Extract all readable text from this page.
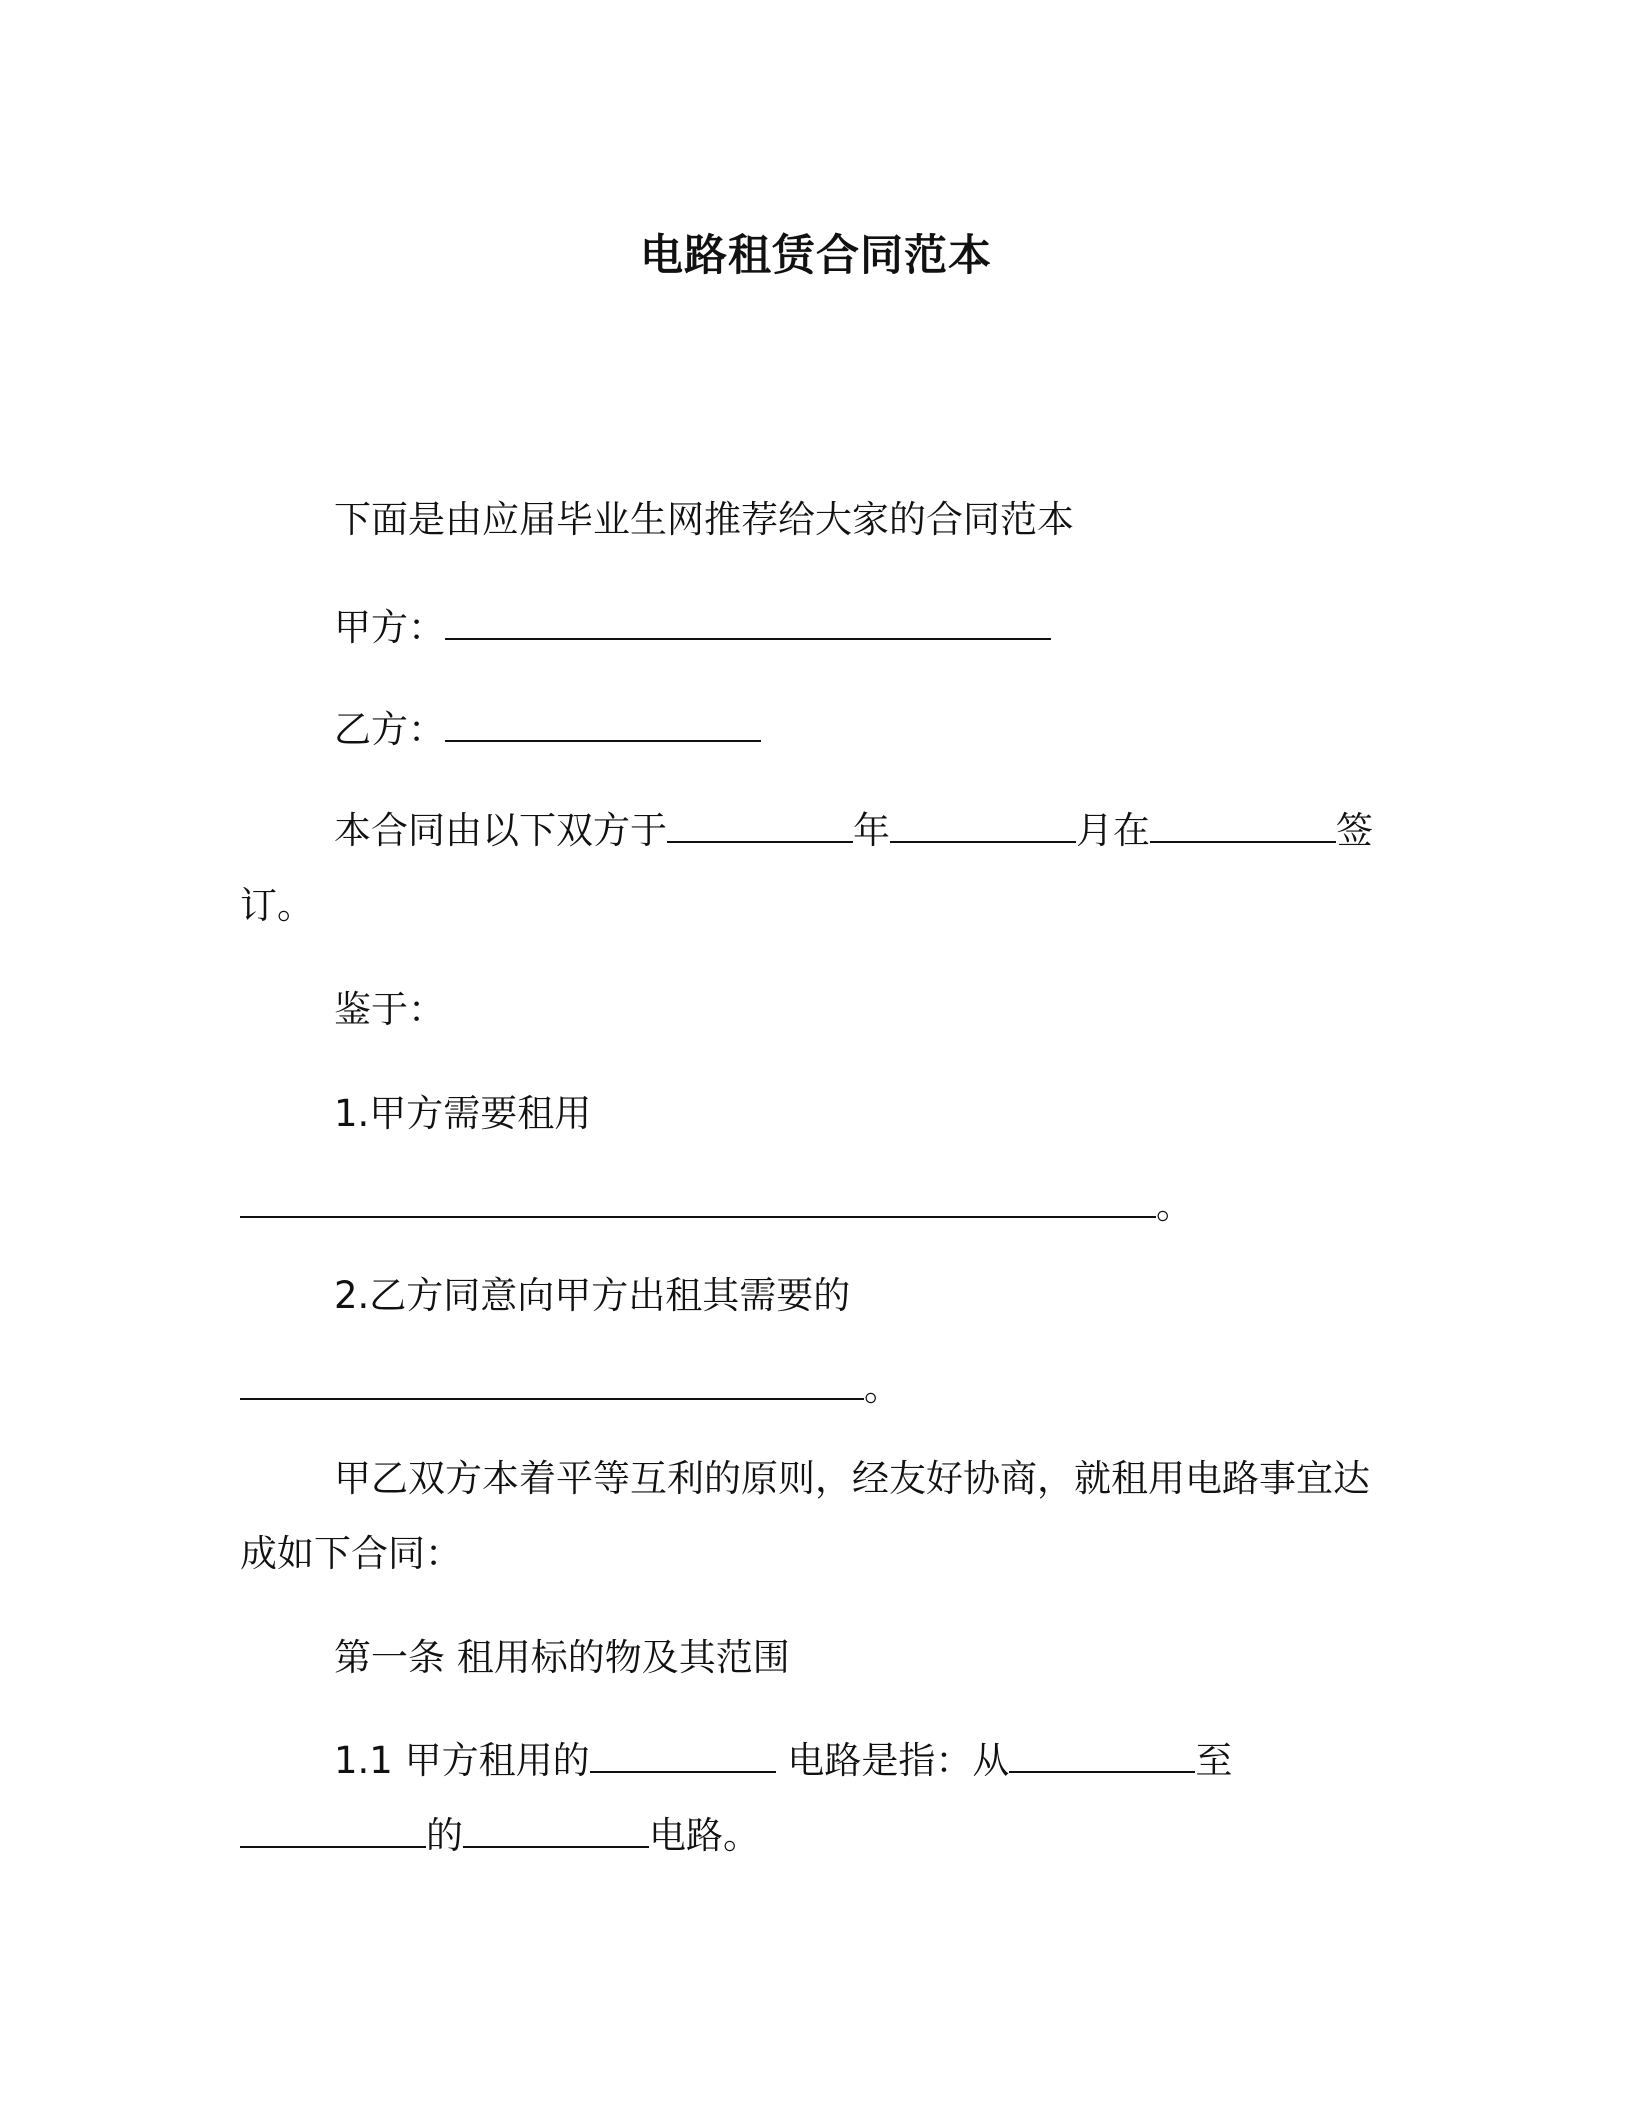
电路租赁合同范本
下面是由应届毕业生网推荐给大家的合同范本
甲方：
乙方：
本合同由以下双方于	年	月在	签
订。
鉴于：
1.甲方需要租用
。
2.乙方同意向甲方出租其需要的
。
甲乙双方本着平等互利的原则，经友好协商，就租用电路事宜达
成如下合同：
第一条 租用标的物及其范围
1.1 甲方租用的	电路是指：从	至
的	电路。
